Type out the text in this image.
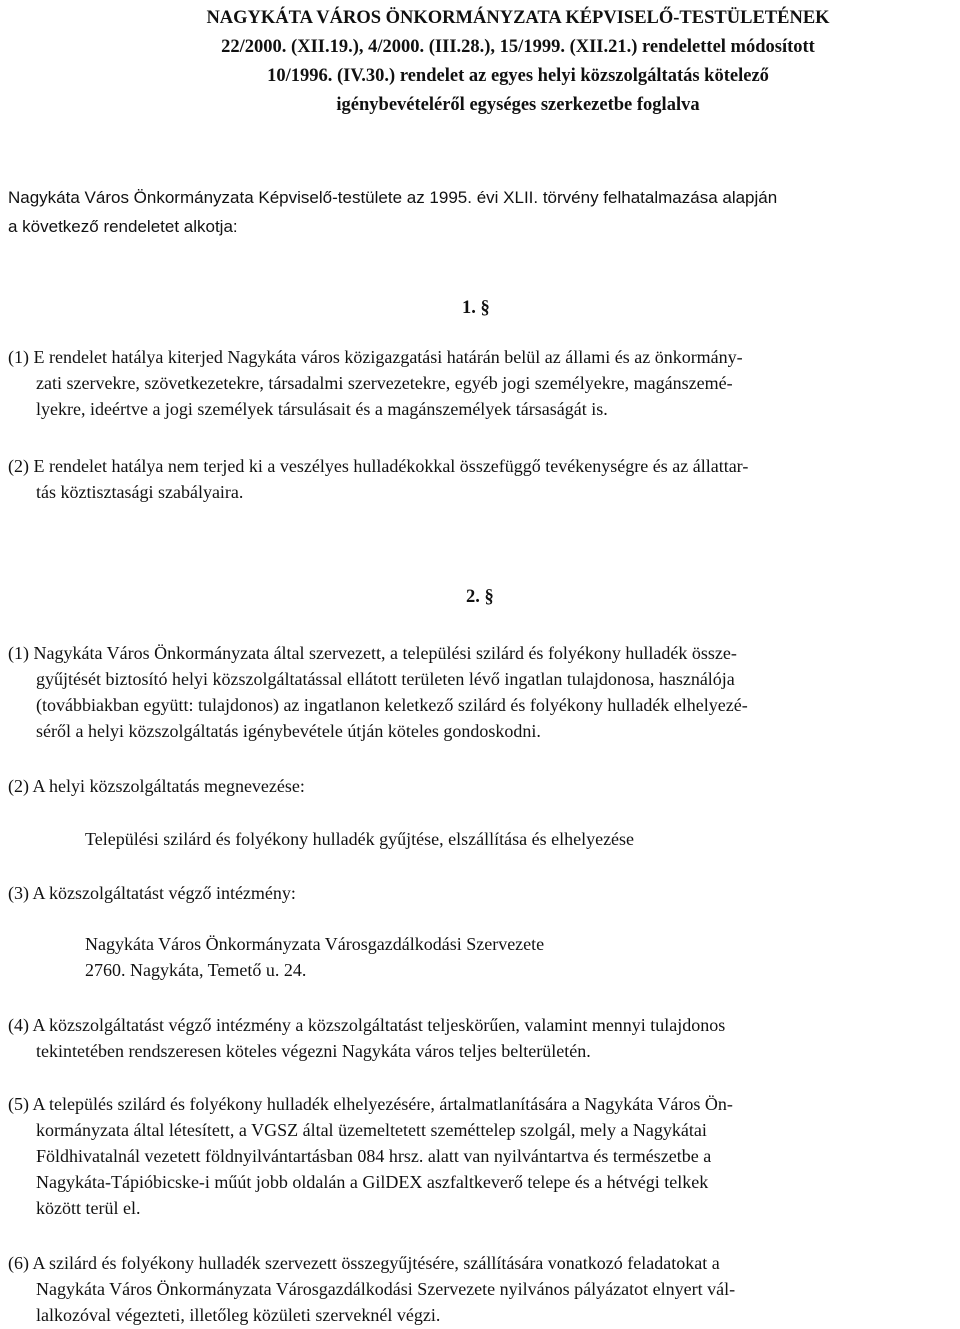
NAGYKÁTA VÁROS ÖNKORMÁNYZATA KÉPVISELŐ-TESTÜLETÉNEK
22/2000. (XII.19.), 4/2000. (III.28.), 15/1999. (XII.21.) rendelettel módosított
10/1996. (IV.30.) rendelet az egyes helyi közszolgáltatás kötelező
igénybevételéről egységes szerkezetbe foglalva
Nagykáta Város Önkormányzata Képviselő-testülete az 1995. évi XLII. törvény felhatalmazása alapján
a következő rendeletet alkotja:
1. §
(1) E rendelet hatálya kiterjed Nagykáta város közigazgatási határán belül az állami és az önkormány-
zati szervekre, szövetkezetekre, társadalmi szervezetekre, egyéb jogi személyekre, magánszemé-
lyekre, ideértve a jogi személyek társulásait és a magánszemélyek társaságát is.
(2) E rendelet hatálya nem terjed ki a veszélyes hulladékokkal összefüggő tevékenységre és az állattar-
tás köztisztasági szabályaira.
2. §
(1) Nagykáta Város Önkormányzata által szervezett, a települési szilárd és folyékony hulladék össze-
gyűjtését biztosító helyi közszolgáltatással ellátott területen lévő ingatlan tulajdonosa, használója
(továbbiakban együtt: tulajdonos) az ingatlanon keletkező szilárd és folyékony hulladék elhelyezé-
séről a helyi közszolgáltatás igénybevétele útján köteles gondoskodni.
(2) A helyi közszolgáltatás megnevezése:
Települési szilárd és folyékony hulladék gyűjtése, elszállítása és elhelyezése
(3) A közszolgáltatást végző intézmény:
Nagykáta Város Önkormányzata Városgazdálkodási Szervezete
2760. Nagykáta, Temető u. 24.
(4) A közszolgáltatást végző intézmény a közszolgáltatást teljeskörűen, valamint mennyi tulajdonos
tekintetében rendszeresen köteles végezni Nagykáta város teljes belterületén.
(5) A település szilárd és folyékony hulladék elhelyezésére, ártalmatlanítására a Nagykáta Város Ön-
kormányzata által létesített, a VGSZ által üzemeltetett szeméttelep szolgál, mely a Nagykátai
Földhivatalnál vezetett földnyilvántartásban 084 hrsz. alatt van nyilvántartva és természetbe a
Nagykáta-Tápióbicske-i műút jobb oldalán a GilDEX aszfaltkeverő telepe és a hétvégi telkek
között terül el.
(6) A szilárd és folyékony hulladék szervezett összegyűjtésére, szállítására vonatkozó feladatokat a
Nagykáta Város Önkormányzata Városgazdálkodási Szervezete nyilvános pályázatot elnyert vál-
lalkozóval végezteti, illetőleg közületi szerveknél végzi.
